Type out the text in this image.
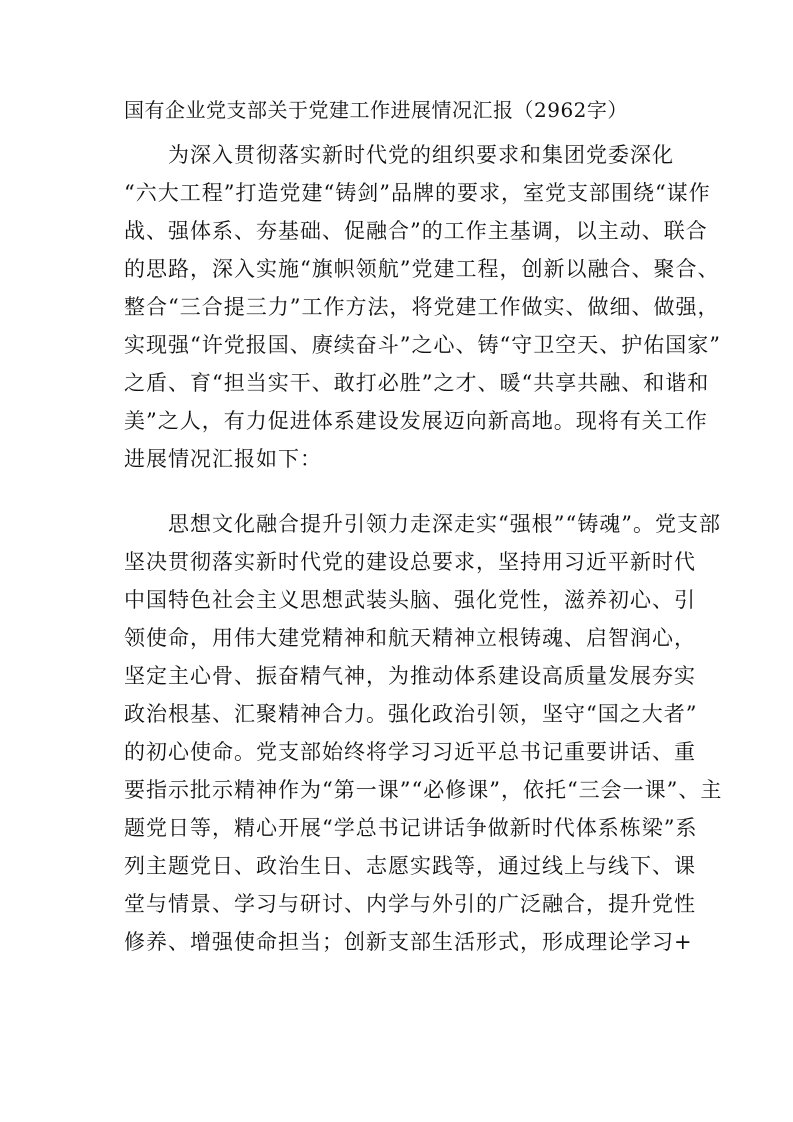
国有企业党支部关于党建工作进展情况汇报（2962字）
为深入贯彻落实新时代党的组织要求和集团党委深化
“六大工程”打造党建“铸剑”品牌的要求，室党支部围绕“谋作
战、强体系、夯基础、促融合”的工作主基调，以主动、联合
的思路，深入实施“旗帜领航”党建工程，创新以融合、聚合、
整合“三合提三力”工作方法，将党建工作做实、做细、做强，
实现强“许党报国、赓续奋斗”之心、铸“守卫空天、护佑国家”
之盾、育“担当实干、敢打必胜”之才、暖“共享共融、和谐和
美”之人，有力促进体系建设发展迈向新高地。现将有关工作
进展情况汇报如下：
思想文化融合提升引领力走深走实“强根”“铸魂”。党支部
坚决贯彻落实新时代党的建设总要求，坚持用习近平新时代
中国特色社会主义思想武装头脑、强化党性，滋养初心、引
领使命，用伟大建党精神和航天精神立根铸魂、启智润心，
坚定主心骨、振奋精气神，为推动体系建设高质量发展夯实
政治根基、汇聚精神合力。强化政治引领，坚守“国之大者”
的初心使命。党支部始终将学习习近平总书记重要讲话、重
要指示批示精神作为“第一课”“必修课”，依托“三会一课”、主
题党日等，精心开展“学总书记讲话争做新时代体系栋梁”系
列主题党日、政治生日、志愿实践等，通过线上与线下、课
堂与情景、学习与研讨、内学与外引的广泛融合，提升党性
修养、增强使命担当；创新支部生活形式，形成理论学习+
